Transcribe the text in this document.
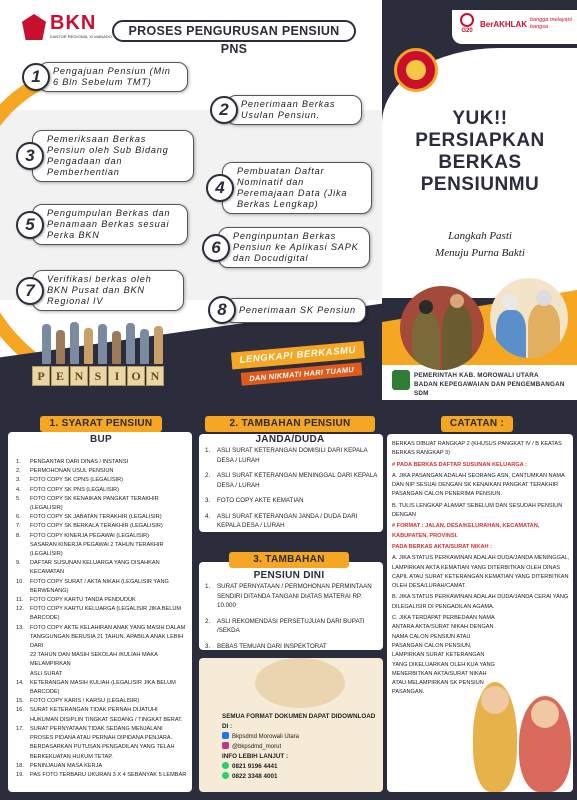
BKN
KANTOR REGIONAL XI MANADO	PROSES PENGURUSAN PENSIUN PNS
1	Pengajuan Pensiun (Min 6 Bln Sebelum TMT)
2	Penerimaan Berkas Usulan Pensiun.
3
Pemeriksaan Berkas Pensiun oleh Sub Bidang Pengadaan dan Pemberhentian
4
Pembuatan Daftar Nominatif dan Peremajaan Data (Jika Berkas Lengkap)
5
Pengumpulan Berkas dan Penamaan Berkas sesuai Perka BKN
6
Penginpuntan Berkas Pensiun ke Aplikasi SAPK dan Docudigital
7
Verifikasi berkas oleh BKN Pusat dan BKN Regional IV	8	Penerimaan SK Pensiun
P E N S	I	O N
LENGKAPI BERKASMU
DAN NIKMATI HARI TUAMU
G20
BerAKHLAK bangga melayani bangsa
YUK!!
PERSIAPKAN
BERKAS
PENSIUNMU
Langkah Pasti
Menuju Purna Bakti
PEMERINTAH KAB. MOROWALI UTARA
BADAN KEPEGAWAIAN DAN PENGEMBANGAN SDM
1. SYARAT PENSIUN BUP
1.	PENGANTAR DARI DINAS / INSTANSI
2.	PERMOHONAN USUL PENSIUN
3.	FOTO COPY SK CPNS (LEGALISIR)
4.	FOTO COPY SK PNS (LEGALISIR)
5.	FOTO COPY SK KENAIKAN PANGKAT TERAKHIR (LEGALISIR)
6.	FOTO COPY SK JABATAN TERAKHIR (LEGALISIR)
7.	FOTO COPY SK BERKALA TERAKHIR (LEGALISIR)
8.	FOTO COPY KINERJA PEGAWAI (LEGALISIR)
SASARAN KINERJA PEGAWAI 2 TAHUN TERAKHIR (LEGALISIR)
9.	DAFTAR SUSUNAN KELUARGA YANG DISAHKAN KECAMATAN
10.	FOTO COPY SURAT / AKTA NIKAH (LEGALISIR YANG BERWENANG)
11.	FOTO COPY KARTU TANDA PENDUDUK
12.	FOTO COPY KARTU KELUARGA (LEGALISIR JIKA BELUM BARCODE)
13.	FOTO COPY AKTE KELAHIRAN ANAK YANG MASIH DALAM
TANGGUNGAN BERUSIA 21 TAHUN. APABILA ANAK LEBIH DARI
22 TAHUN DAN MASIH SEKOLAH /KULIAH MAKA MELAMPIRKAN
ASLI SURAT
14.	KETERANGAN MASIH KULIAH (LEGALISIR JIKA BELUM BARCODE)
15.	FOTO COPY KARIS / KARSU (LEGALISIR)
16.	SURAT KETERANGAN TIDAK PERNAH DIJATUHI
HUKUMAN DISIPLIN TINGKAT SEDANG / TINGKAT BERAT.
17.	SURAT PERNYATAAN TIDAK SEDANG MENJALANI
PROSES PIDANA ATAU PERNAH DIPIDANA PENJARA.
BERDASARKAN PUTUSAN PENGADILAN YANG TELAH
BERKEKUATAN HUKUM TETAP.
18.	PENINJAUAN MASA KERJA
19.	PAS FOTO TERBARU UKURAN 3 X 4 SEBANYAK 5 LEMBAR
2. TAMBAHAN PENSIUN JANDA/DUDA
3. TAMBAHAN PENSIUN DINI
1.	ASLI SURAT KETERANGAN DOMISILI DARI KEPALA DESA / LURAH
2.	ASLI SURAT KETERANGAN MENINGGAL DARI KEPALA DESA / LURAH
3.	FOTO COPY AKTE KEMATIAN
4.	ASLI SURAT KETERANGAN JANDA / DUDA DARI KEPALA DESA / LURAH
1.	SURAT PERNYATAAN / PERMOHONAN PERMINTAAN SENDIRI DITANDA TANGANI DIATAS MATERAI RP. 10.000
2.	ASLI REKOMENDASI PERSETUJUAN DARI BUPATI /SEKDA
3.	BEBAS TEMUAN DARI INSPEKTORAT
SEMUA FORMAT DOKUMEN DAPAT DIDOWNLOAD DI :
Bkpsdmd Morowali Utara
@bkpsdmd_morut
INFO LEBIH LANJUT :
0821 9196 4441
0822 3348 4001
CATATAN :

BERKAS DIBUAT RANGKAP 2 (KHUSUS PANGKAT IV / B KEATAS BERKAS RANGKAP 3)

# PADA BERKAS DAFTAR SUSUNAN KELUARGA :

A. JIKA PASANGAN ADALAH SEORANG ASN, CANTUMKAN NAMA DAN NIP SESUAI DENGAN SK KENAIKAN PANGKAT TERAKHIR PASANGAN CALON PENERIMA PENSIUN.

B. TULIS LENGKAP ALAMAT SEBELUM DAN SESUDAH PENSIUN DENGAN

# FORMAT : JALAN, DESA/KELURAHAN, KECAMATAN, KABUPATEN, PROVINSI.

PADA BERKAS AKTA/SURAT NIKAH :

A. JIKA STATUS PERKAWINAN ADALAH DUDA/JANDA MENINGGAL, LAMPIRKAN AKTA KEMATIAN YANG DITERBITKAN OLEH DINAS CAPIL ATAU SURAT KETERANGAN KEMATIAN YANG DITERBITKAN OLEH DESA/LURAH/CAMAT.

B. JIKA STATUS PERKAWINAN ADALAH DUDA/JANDA CERAI YANG DILEGALISIR DI PENGADILAN AGAMA.

C. JIKA TERDAPAT PERBEDAAN NAMA ANTARA AKTA/SURAT NIKAH DENGAN NAMA CALON PENSIUN ATAU PASANGAN CALON PENSIUN, LAMPIRKAN SURAT KETERANGAN YANG DIKELUARKAN OLEH KUA YANG MENERBITKAN AKTA/SURAT NIKAH ATAU MELAMPIRKAN SK PENSIUN PASANGAN.
